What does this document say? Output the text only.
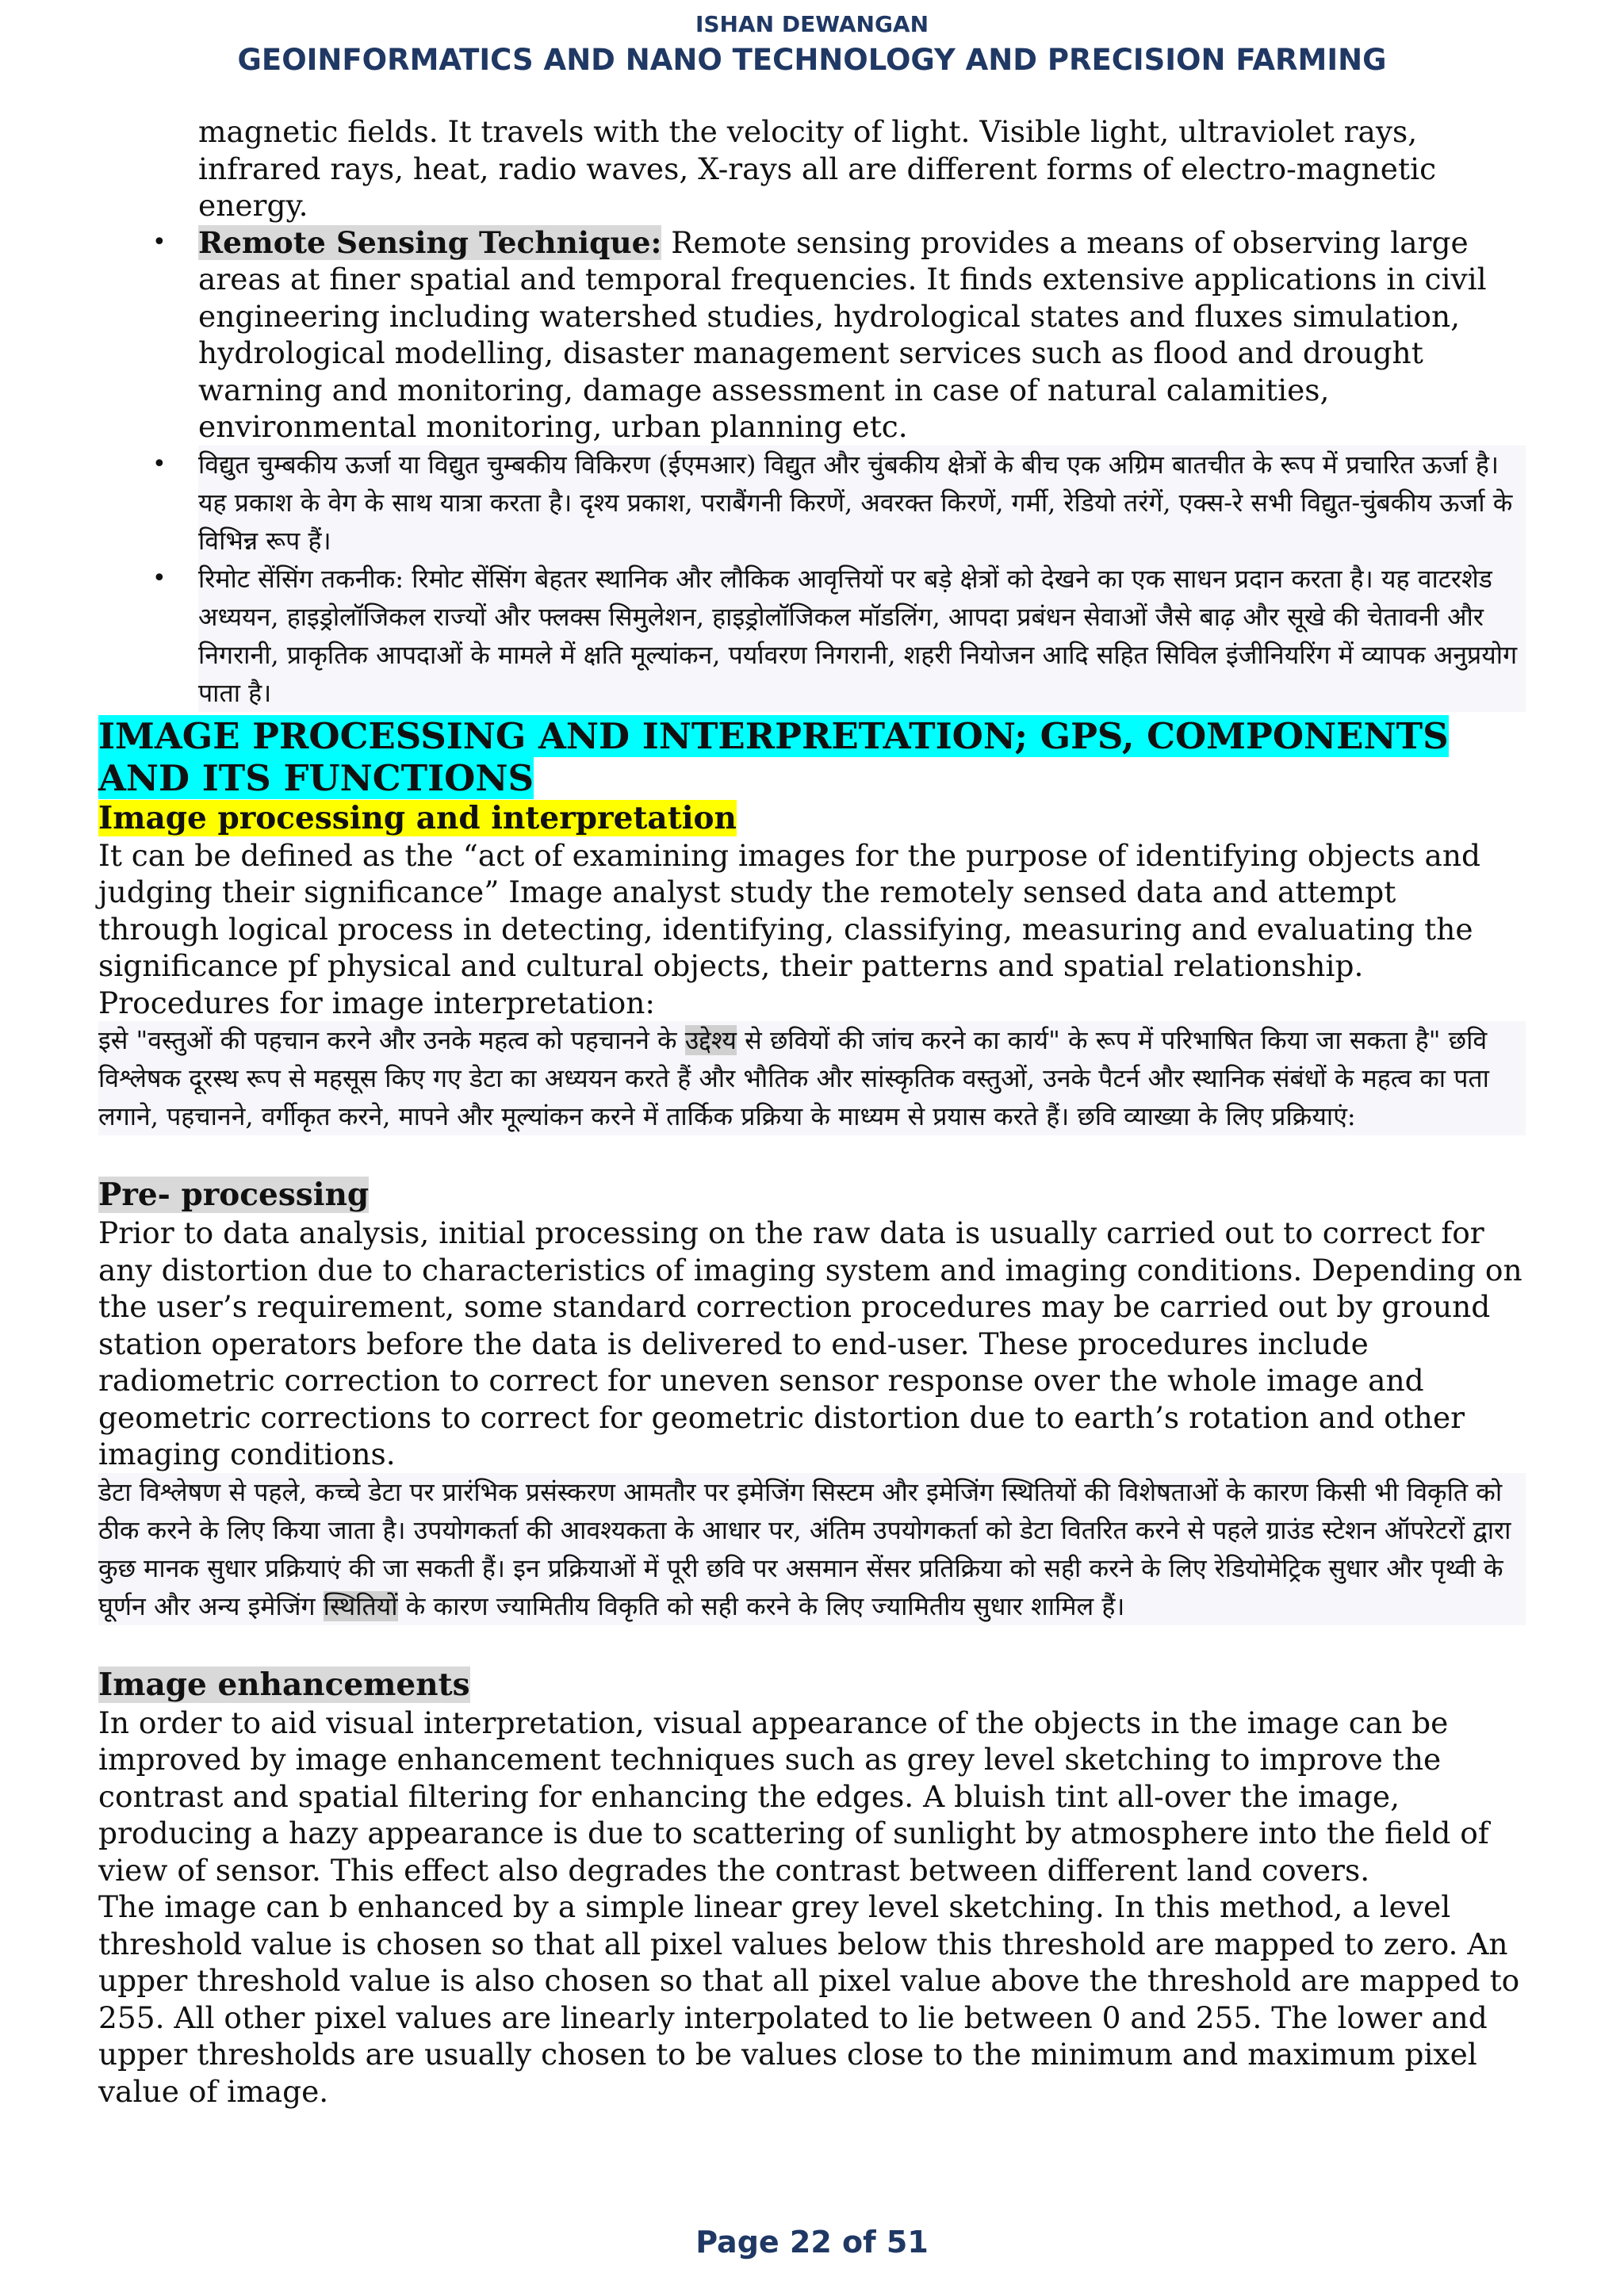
ISHAN DEWANGAN
GEOINFORMATICS AND NANO TECHNOLOGY AND PRECISION FARMING

magnetic fields. It travels with the velocity of light. Visible light, ultraviolet rays, infrared rays, heat, radio waves, X-rays all are different forms of electro-magnetic energy.

• Remote Sensing Technique: Remote sensing provides a means of observing large areas at finer spatial and temporal frequencies. It finds extensive applications in civil engineering including watershed studies, hydrological states and fluxes simulation, hydrological modelling, disaster management services such as flood and drought warning and monitoring, damage assessment in case of natural calamities, environmental monitoring, urban planning etc.

• विद्युत चुम्बकीय ऊर्जा या विद्युत चुम्बकीय विकिरण (ईएमआर) विद्युत और चुंबकीय क्षेत्रों के बीच एक अग्रिम बातचीत के रूप में प्रचारित ऊर्जा है। यह प्रकाश के वेग के साथ यात्रा करता है। दृश्य प्रकाश, पराबैंगनी किरणें, अवरक्त किरणें, गर्मी, रेडियो तरंगें, एक्स-रे सभी विद्युत-चुंबकीय ऊर्जा के विभिन्न रूप हैं।

• रिमोट सेंसिंग तकनीक: रिमोट सेंसिंग बेहतर स्थानिक और लौकिक आवृत्तियों पर बड़े क्षेत्रों को देखने का एक साधन प्रदान करता है। यह वाटरशेड अध्ययन, हाइड्रोलॉजिकल राज्यों और फ्लक्स सिमुलेशन, हाइड्रोलॉजिकल मॉडलिंग, आपदा प्रबंधन सेवाओं जैसे बाढ़ और सूखे की चेतावनी और निगरानी, प्राकृतिक आपदाओं के मामले में क्षति मूल्यांकन, पर्यावरण निगरानी, शहरी नियोजन आदि सहित सिविल इंजीनियरिंग में व्यापक अनुप्रयोग पाता है।

IMAGE PROCESSING AND INTERPRETATION; GPS, COMPONENTS AND ITS FUNCTIONS
Image processing and interpretation

It can be defined as the “act of examining images for the purpose of identifying objects and judging their significance” Image analyst study the remotely sensed data and attempt through logical process in detecting, identifying, classifying, measuring and evaluating the significance pf physical and cultural objects, their patterns and spatial relationship. Procedures for image interpretation:

इसे "वस्तुओं की पहचान करने और उनके महत्व को पहचानने के उद्देश्य से छवियों की जांच करने का कार्य" के रूप में परिभाषित किया जा सकता है" छवि विश्लेषक दूरस्थ रूप से महसूस किए गए डेटा का अध्ययन करते हैं और भौतिक और सांस्कृतिक वस्तुओं, उनके पैटर्न और स्थानिक संबंधों के महत्व का पता लगाने, पहचानने, वर्गीकृत करने, मापने और मूल्यांकन करने में तार्किक प्रक्रिया के माध्यम से प्रयास करते हैं। छवि व्याख्या के लिए प्रक्रियाएं:

Pre- processing

Prior to data analysis, initial processing on the raw data is usually carried out to correct for any distortion due to characteristics of imaging system and imaging conditions. Depending on the user’s requirement, some standard correction procedures may be carried out by ground station operators before the data is delivered to end-user. These procedures include radiometric correction to correct for uneven sensor response over the whole image and geometric corrections to correct for geometric distortion due to earth’s rotation and other imaging conditions.

डेटा विश्लेषण से पहले, कच्चे डेटा पर प्रारंभिक प्रसंस्करण आमतौर पर इमेजिंग सिस्टम और इमेजिंग स्थितियों की विशेषताओं के कारण किसी भी विकृति को ठीक करने के लिए किया जाता है। उपयोगकर्ता की आवश्यकता के आधार पर, अंतिम उपयोगकर्ता को डेटा वितरित करने से पहले ग्राउंड स्टेशन ऑपरेटरों द्वारा कुछ मानक सुधार प्रक्रियाएं की जा सकती हैं। इन प्रक्रियाओं में पूरी छवि पर असमान सेंसर प्रतिक्रिया को सही करने के लिए रेडियोमेट्रिक सुधार और पृथ्वी के घूर्णन और अन्य इमेजिंग स्थितियों के कारण ज्यामितीय विकृति को सही करने के लिए ज्यामितीय सुधार शामिल हैं।

Image enhancements

In order to aid visual interpretation, visual appearance of the objects in the image can be improved by image enhancement techniques such as grey level sketching to improve the contrast and spatial filtering for enhancing the edges. A bluish tint all-over the image, producing a hazy appearance is due to scattering of sunlight by atmosphere into the field of view of sensor. This effect also degrades the contrast between different land covers.

The image can b enhanced by a simple linear grey level sketching. In this method, a level threshold value is chosen so that all pixel values below this threshold are mapped to zero. An upper threshold value is also chosen so that all pixel value above the threshold are mapped to 255. All other pixel values are linearly interpolated to lie between 0 and 255. The lower and upper thresholds are usually chosen to be values close to the minimum and maximum pixel value of image.

Page 22 of 51
